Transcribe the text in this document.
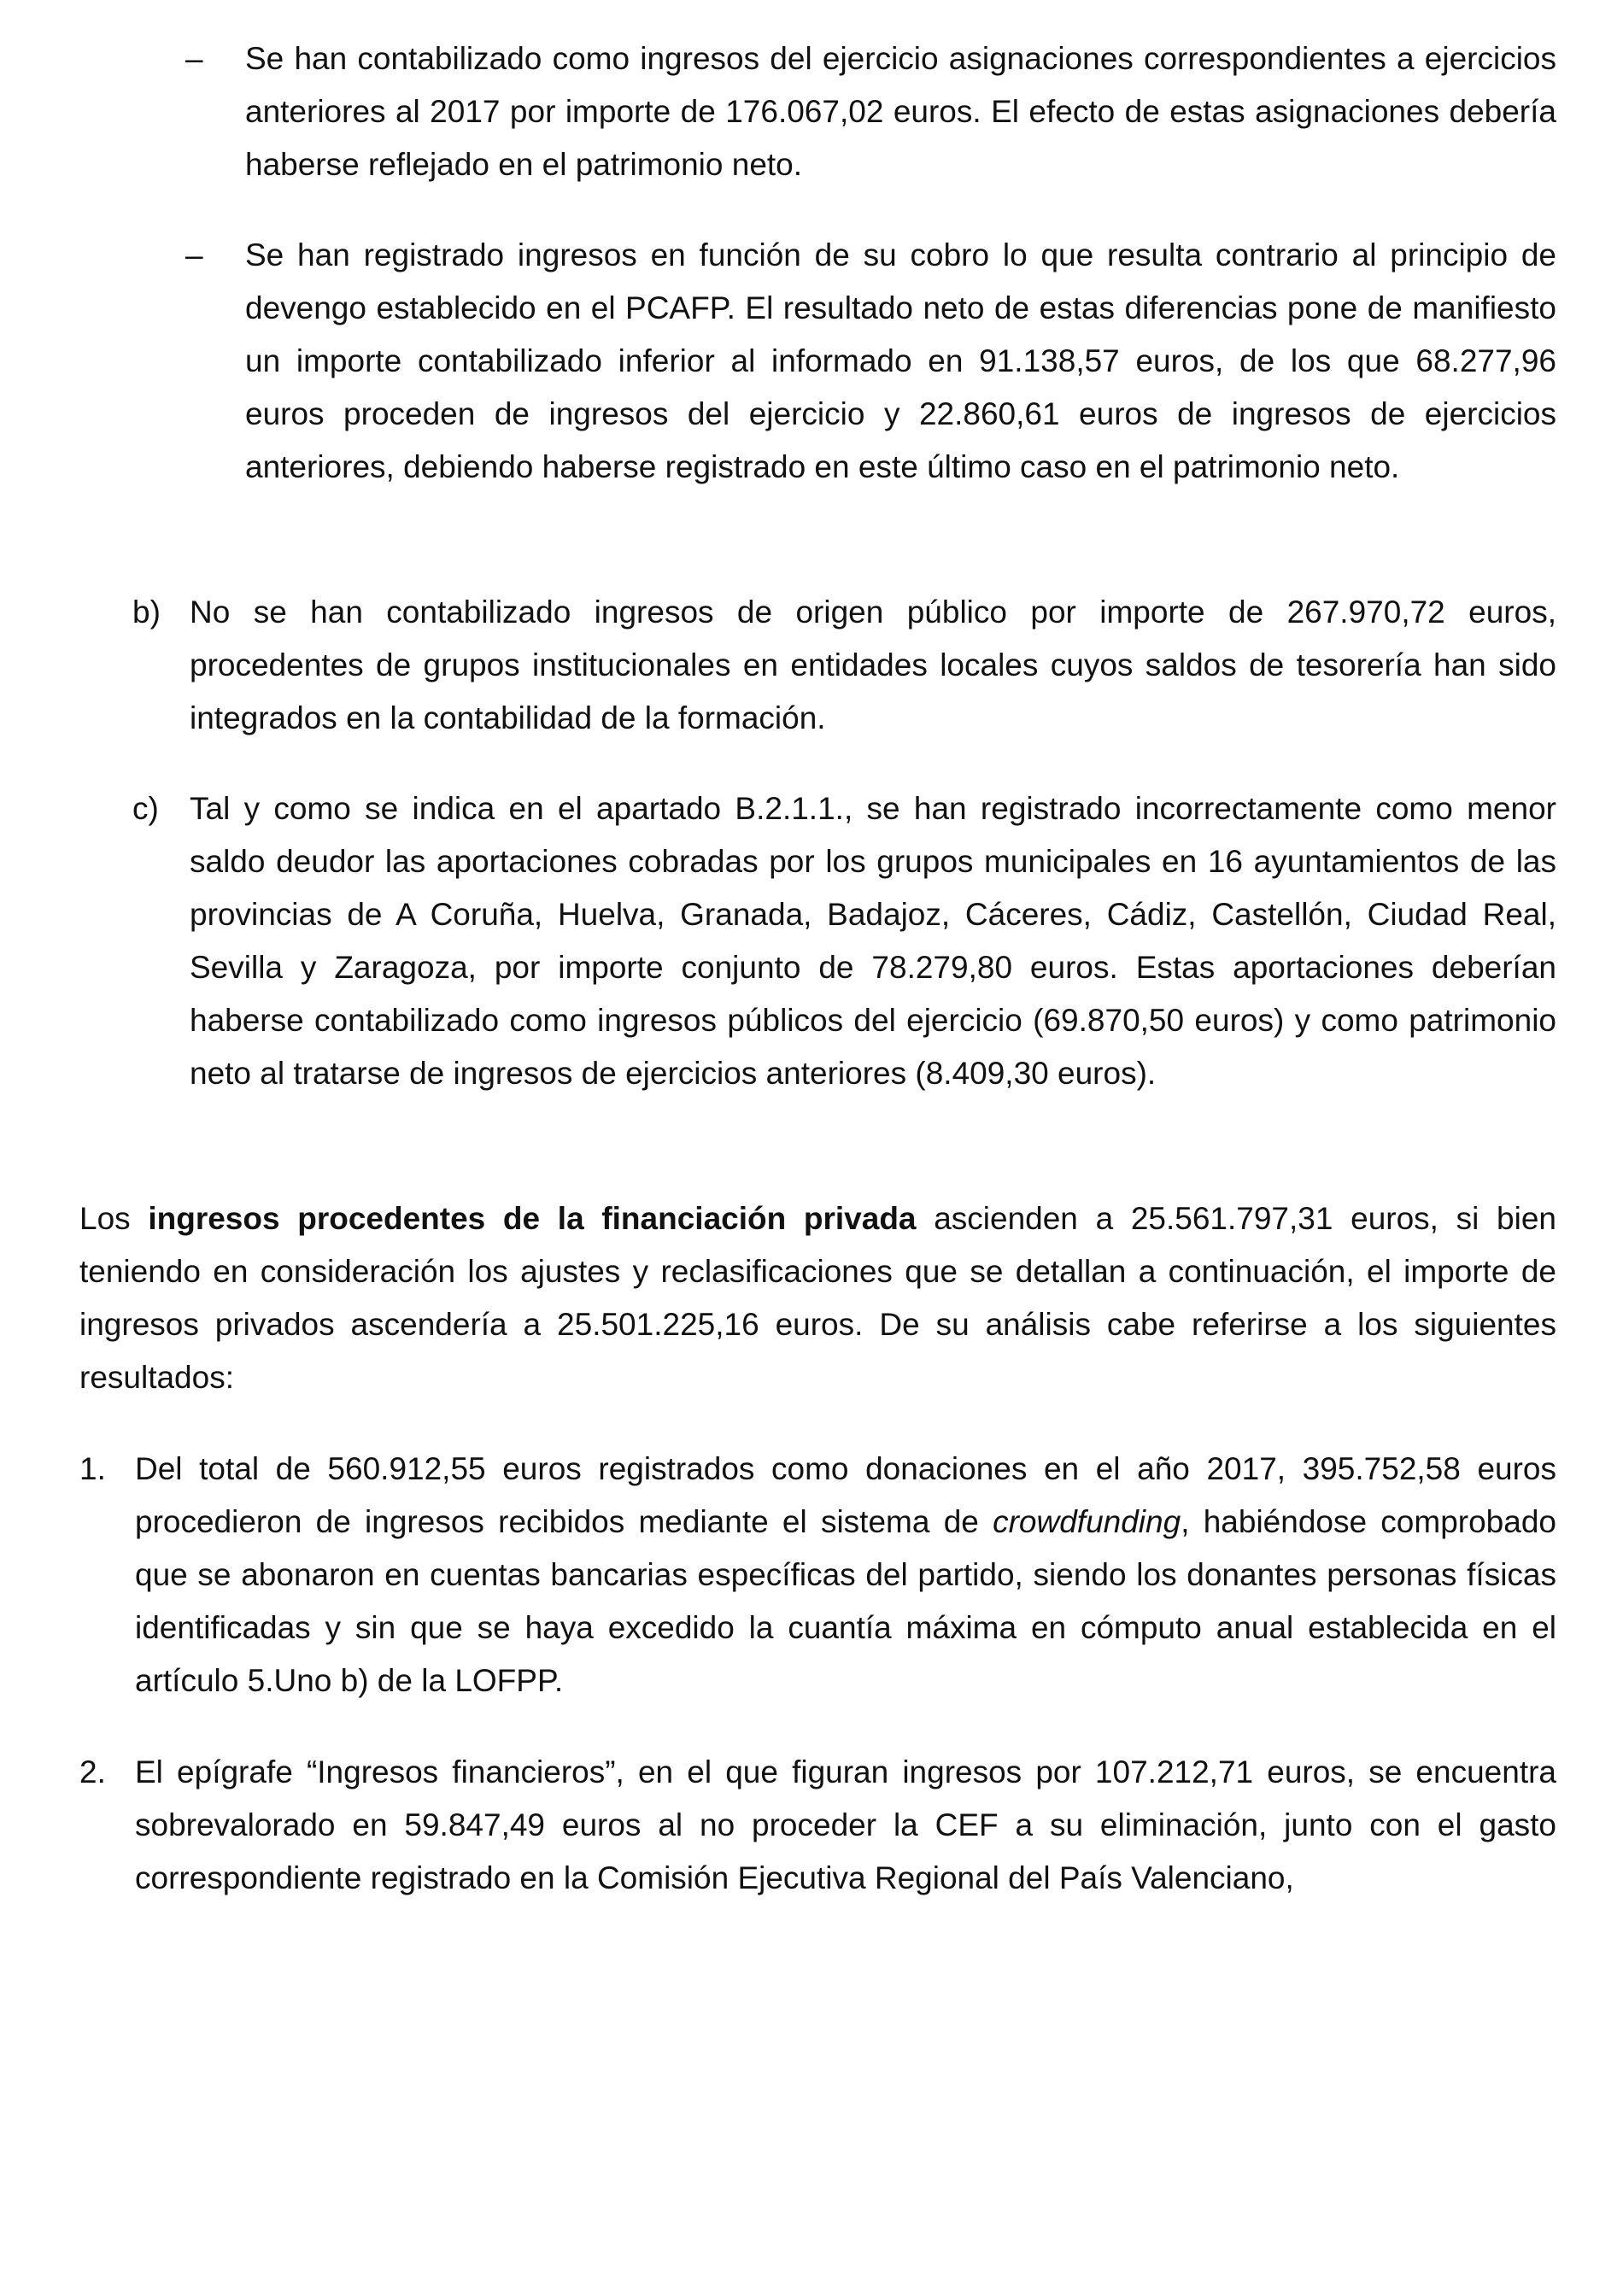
– Se han contabilizado como ingresos del ejercicio asignaciones correspondientes a ejercicios anteriores al 2017 por importe de 176.067,02 euros. El efecto de estas asignaciones debería haberse reflejado en el patrimonio neto.

– Se han registrado ingresos en función de su cobro lo que resulta contrario al principio de devengo establecido en el PCAFP. El resultado neto de estas diferencias pone de manifiesto un importe contabilizado inferior al informado en 91.138,57 euros, de los que 68.277,96 euros proceden de ingresos del ejercicio y 22.860,61 euros de ingresos de ejercicios anteriores, debiendo haberse registrado en este último caso en el patrimonio neto.

b) No se han contabilizado ingresos de origen público por importe de 267.970,72 euros, procedentes de grupos institucionales en entidades locales cuyos saldos de tesorería han sido integrados en la contabilidad de la formación.

c) Tal y como se indica en el apartado B.2.1.1., se han registrado incorrectamente como menor saldo deudor las aportaciones cobradas por los grupos municipales en 16 ayuntamientos de las provincias de A Coruña, Huelva, Granada, Badajoz, Cáceres, Cádiz, Castellón, Ciudad Real, Sevilla y Zaragoza, por importe conjunto de 78.279,80 euros. Estas aportaciones deberían haberse contabilizado como ingresos públicos del ejercicio (69.870,50 euros) y como patrimonio neto al tratarse de ingresos de ejercicios anteriores (8.409,30 euros).

Los ingresos procedentes de la financiación privada ascienden a 25.561.797,31 euros, si bien teniendo en consideración los ajustes y reclasificaciones que se detallan a continuación, el importe de ingresos privados ascendería a 25.501.225,16 euros. De su análisis cabe referirse a los siguientes resultados:

1. Del total de 560.912,55 euros registrados como donaciones en el año 2017, 395.752,58 euros procedieron de ingresos recibidos mediante el sistema de crowdfunding, habiéndose comprobado que se abonaron en cuentas bancarias específicas del partido, siendo los donantes personas físicas identificadas y sin que se haya excedido la cuantía máxima en cómputo anual establecida en el artículo 5.Uno b) de la LOFPP.

2. El epígrafe “Ingresos financieros”, en el que figuran ingresos por 107.212,71 euros, se encuentra sobrevalorado en 59.847,49 euros al no proceder la CEF a su eliminación, junto con el gasto correspondiente registrado en la Comisión Ejecutiva Regional del País Valenciano,
